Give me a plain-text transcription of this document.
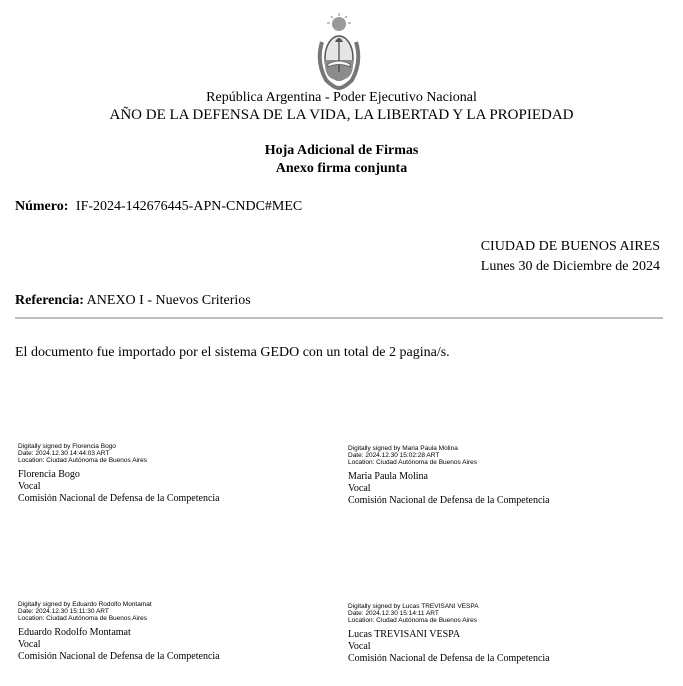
República Argentina - Poder Ejecutivo Nacional
AÑO DE LA DEFENSA DE LA VIDA, LA LIBERTAD Y LA PROPIEDAD
Hoja Adicional de Firmas
Anexo firma conjunta
Número: IF-2024-142676445-APN-CNDC#MEC
CIUDAD DE BUENOS AIRES
Lunes 30 de Diciembre de 2024
Referencia: ANEXO I - Nuevos Criterios
El documento fue importado por el sistema GEDO con un total de 2 pagina/s.
Digitally signed by Florencia Bogo
Date: 2024.12.30 14:44:03 ART
Location: Ciudad Autónoma de Buenos Aires
Florencia Bogo
Vocal
Comisión Nacional de Defensa de la Competencia
Digitally signed by Maria Paula Molina
Date: 2024.12.30 15:02:28 ART
Location: Ciudad Autónoma de Buenos Aires
Maria Paula Molina
Vocal
Comisión Nacional de Defensa de la Competencia
Digitally signed by Eduardo Rodolfo Montamat
Date: 2024.12.30 15:11:30 ART
Location: Ciudad Autónoma de Buenos Aires
Eduardo Rodolfo Montamat
Vocal
Comisión Nacional de Defensa de la Competencia
Digitally signed by Lucas TREVISANI VESPA
Date: 2024.12.30 15:14:11 ART
Location: Ciudad Autónoma de Buenos Aires
Lucas TREVISANI VESPA
Vocal
Comisión Nacional de Defensa de la Competencia
